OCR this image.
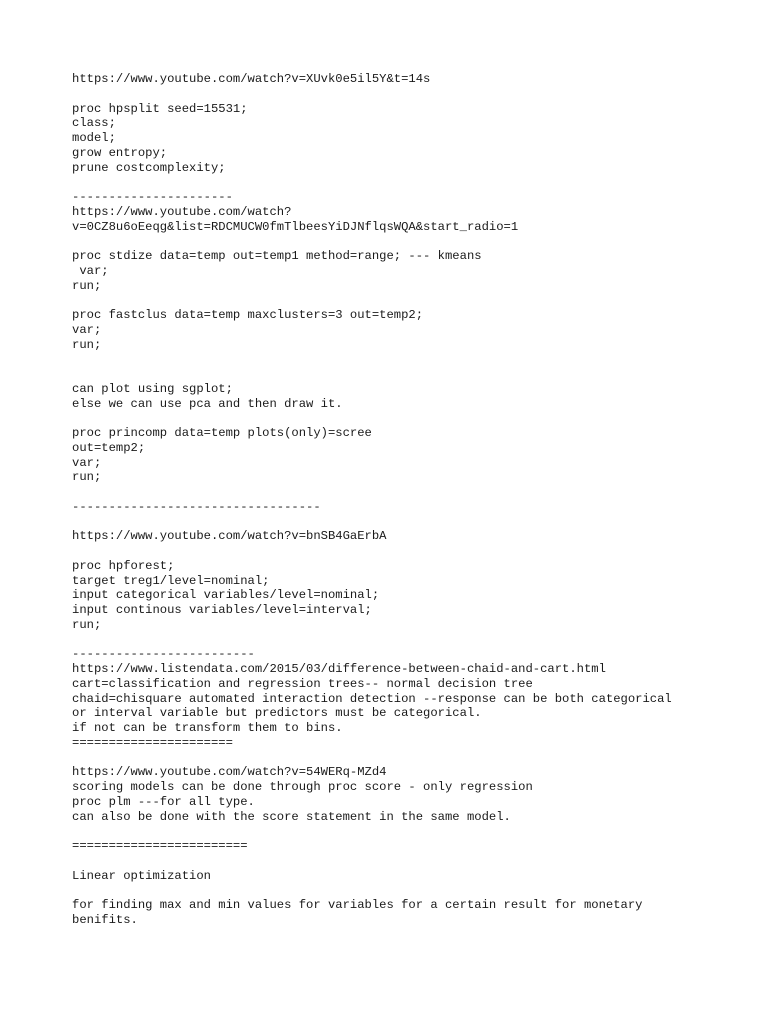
https://www.youtube.com/watch?v=XUvk0e5il5Y&t=14s
proc hpsplit seed=15531;
class;
model;
grow entropy;
prune costcomplexity;
----------------------
https://www.youtube.com/watch?
v=0CZ8u6oEeqg&list=RDCMUCW0fmTlbeesYiDJNflqsWQA&start_radio=1
proc stdize data=temp out=temp1 method=range; --- kmeans
var;
run;
proc fastclus data=temp maxclusters=3 out=temp2;
var;
run;
can plot using sgplot;
else we can use pca and then draw it.
proc princomp data=temp plots(only)=scree
out=temp2;
var;
run;
----------------------------------
https://www.youtube.com/watch?v=bnSB4GaErbA
proc hpforest;
target treg1/level=nominal;
input categorical variables/level=nominal;
input continous variables/level=interval;
run;
-------------------------
https://www.listendata.com/2015/03/difference-between-chaid-and-cart.html
cart=classification and regression trees-- normal decision tree
chaid=chisquare automated interaction detection --response can be both categorical
or interval variable but predictors must be categorical.
if not can be transform them to bins.
======================
https://www.youtube.com/watch?v=54WERq-MZd4
scoring models can be done through proc score - only regression
proc plm ---for all type.
can also be done with the score statement in the same model.
========================
Linear optimization
for finding max and min values for variables for a certain result for monetary
benifits.
